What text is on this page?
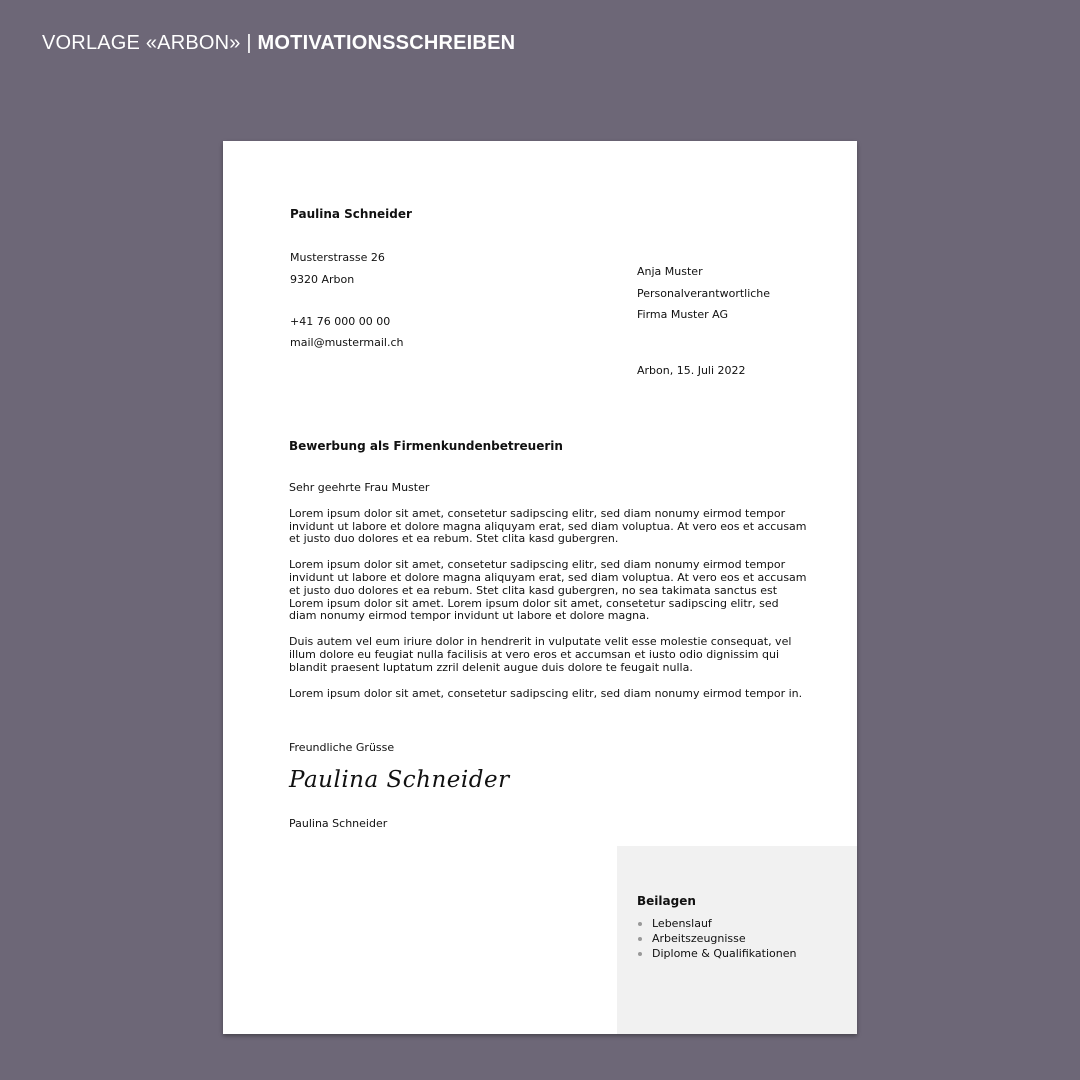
VORLAGE «ARBON» | MOTIVATIONSSCHREIBEN
Paulina Schneider
Musterstrasse 26
9320 Arbon
+41 76 000 00 00
mail@mustermail.ch
Anja Muster
Personalverantwortliche
Firma Muster AG
Arbon, 15. Juli 2022
Bewerbung als Firmenkundenbetreuerin

Sehr geehrte Frau Muster

Lorem ipsum dolor sit amet, consetetur sadipscing elitr, sed diam nonumy eirmod tempor invidunt ut labore et dolore magna aliquyam erat, sed diam voluptua. At vero eos et accusam et justo duo dolores et ea rebum. Stet clita kasd gubergren.

Lorem ipsum dolor sit amet, consetetur sadipscing elitr, sed diam nonumy eirmod tempor invidunt ut labore et dolore magna aliquyam erat, sed diam voluptua. At vero eos et accusam et justo duo dolores et ea rebum. Stet clita kasd gubergren, no sea takimata sanctus est Lorem ipsum dolor sit amet. Lorem ipsum dolor sit amet, consetetur sadipscing elitr, sed diam nonumy eirmod tempor invidunt ut labore et dolore magna.

Duis autem vel eum iriure dolor in hendrerit in vulputate velit esse molestie consequat, vel illum dolore eu feugiat nulla facilisis at vero eros et accumsan et iusto odio dignissim qui blandit praesent luptatum zzril delenit augue duis dolore te feugait nulla.

Lorem ipsum dolor sit amet, consetetur sadipscing elitr, sed diam nonumy eirmod tempor in.

Freundliche Grüsse
Paulina Schneider
Paulina Schneider
Beilagen
Lebenslauf
Arbeitszeugnisse
Diplome & Qualifikationen
